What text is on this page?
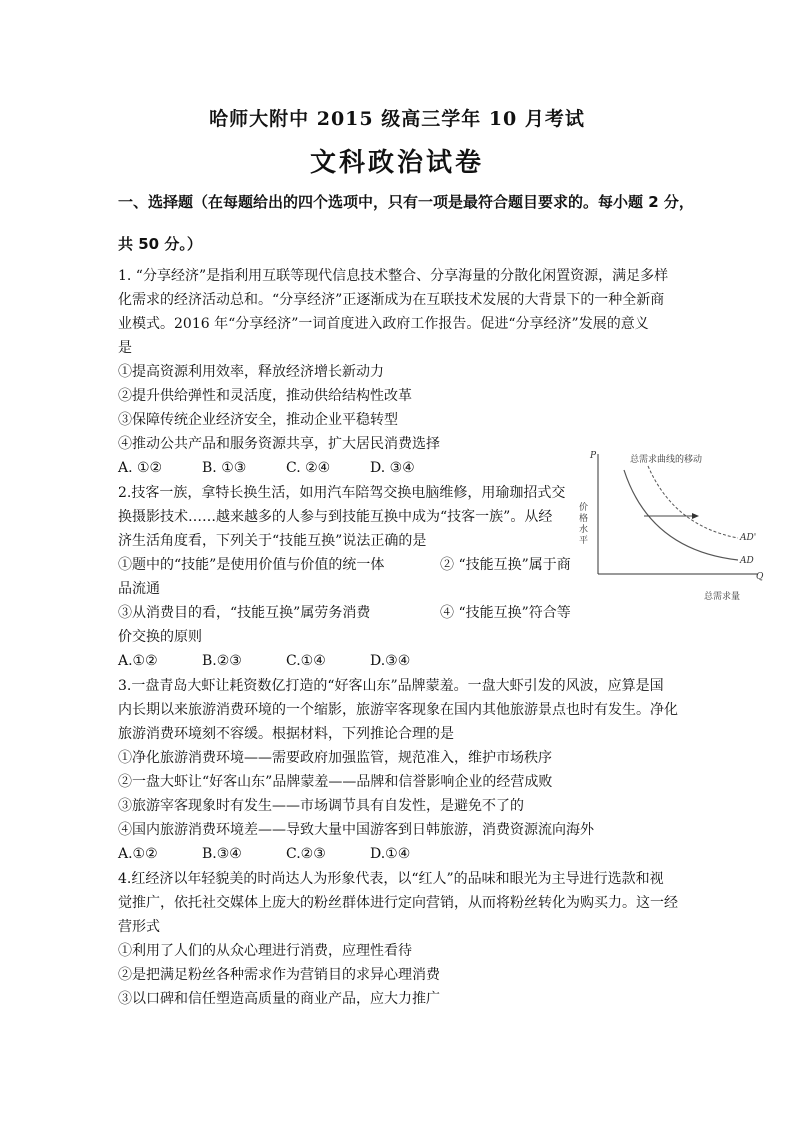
哈师大附中 2015 级高三学年 10 月考试
文科政治试卷
一、选择题（在每题给出的四个选项中，只有一项是最符合题目要求的。每小题 2 分，
共 50 分。）
1. “分享经济”是指利用互联等现代信息技术整合、分享海量的分散化闲置资源，满足多样
化需求的经济活动总和。“分享经济”正逐渐成为在互联技术发展的大背景下的一种全新商
业模式。2016 年“分享经济”一词首度进入政府工作报告。促进“分享经济”发展的意义
是
①提高资源利用效率，释放经济增长新动力
②提升供给弹性和灵活度，推动供给结构性改革
③保障传统企业经济安全，推动企业平稳转型
④推动公共产品和服务资源共享，扩大居民消费选择
A. ①②	B. ①③	C. ②④	D. ③④
2.技客一族，拿特长换生活，如用汽车陪驾交换电脑维修，用瑜珈招式交
换摄影技术……越来越多的人参与到技能互换中成为“技客一族”。从经
济生活角度看，下列关于“技能互换”说法正确的是
①题中的“技能”是使用价值与价值的统一体	② “技能互换”属于商
品流通
③从消费目的看，“技能互换”属劳务消费	④ “技能互换”符合等
价交换的原则
A.①②	B.②③	C.①④	D.③④
P
Q
总需求曲线的移动
价
格
水
平	AD'
AD
总需求量
3.一盘青岛大虾让耗资数亿打造的“好客山东”品牌蒙羞。一盘大虾引发的风波，应算是国
内长期以来旅游消费环境的一个缩影，旅游宰客现象在国内其他旅游景点也时有发生。净化
旅游消费环境刻不容缓。根据材料，下列推论合理的是
①净化旅游消费环境——需要政府加强监管，规范准入，维护市场秩序
②一盘大虾让“好客山东”品牌蒙羞——品牌和信誉影响企业的经营成败
③旅游宰客现象时有发生——市场调节具有自发性，是避免不了的
④国内旅游消费环境差——导致大量中国游客到日韩旅游，消费资源流向海外
A.①②	B.③④	C.②③	D.①④
4.红经济以年轻貌美的时尚达人为形象代表，以“红人”的品味和眼光为主导进行选款和视
觉推广，依托社交媒体上庞大的粉丝群体进行定向营销，从而将粉丝转化为购买力。这一经
营形式
①利用了人们的从众心理进行消费，应理性看待
②是把满足粉丝各种需求作为营销目的求异心理消费
③以口碑和信任塑造高质量的商业产品，应大力推广
